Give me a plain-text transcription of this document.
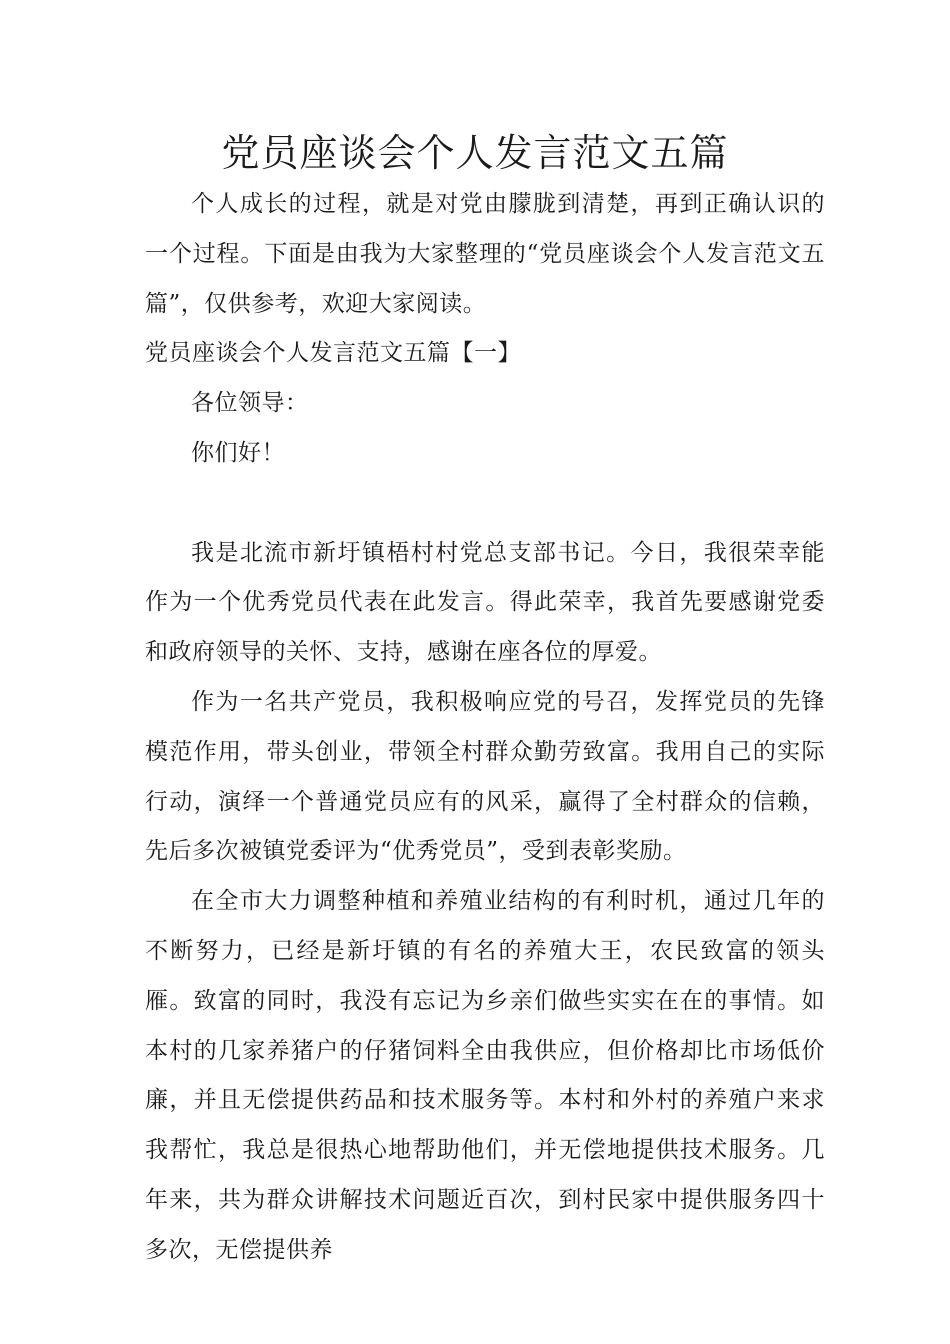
党员座谈会个人发言范文五篇

个人成长的过程，就是对党由朦胧到清楚，再到正确认识的一个过程。下面是由我为大家整理的“党员座谈会个人发言范文五篇”，仅供参考，欢迎大家阅读。

党员座谈会个人发言范文五篇【一】

各位领导：

你们好！

我是北流市新圩镇梧村村党总支部书记。今日，我很荣幸能作为一个优秀党员代表在此发言。得此荣幸，我首先要感谢党委和政府领导的关怀、支持，感谢在座各位的厚爱。

作为一名共产党员，我积极响应党的号召，发挥党员的先锋模范作用，带头创业，带领全村群众勤劳致富。我用自己的实际行动，演绎一个普通党员应有的风采，赢得了全村群众的信赖，先后多次被镇党委评为“优秀党员”，受到表彰奖励。

在全市大力调整种植和养殖业结构的有利时机，通过几年的不断努力，已经是新圩镇的有名的养殖大王，农民致富的领头雁。致富的同时，我没有忘记为乡亲们做些实实在在的事情。如本村的几家养猪户的仔猪饲料全由我供应，但价格却比市场低价廉，并且无偿提供药品和技术服务等。本村和外村的养殖户来求我帮忙，我总是很热心地帮助他们，并无偿地提供技术服务。几年来，共为群众讲解技术问题近百次，到村民家中提供服务四十多次，无偿提供养
